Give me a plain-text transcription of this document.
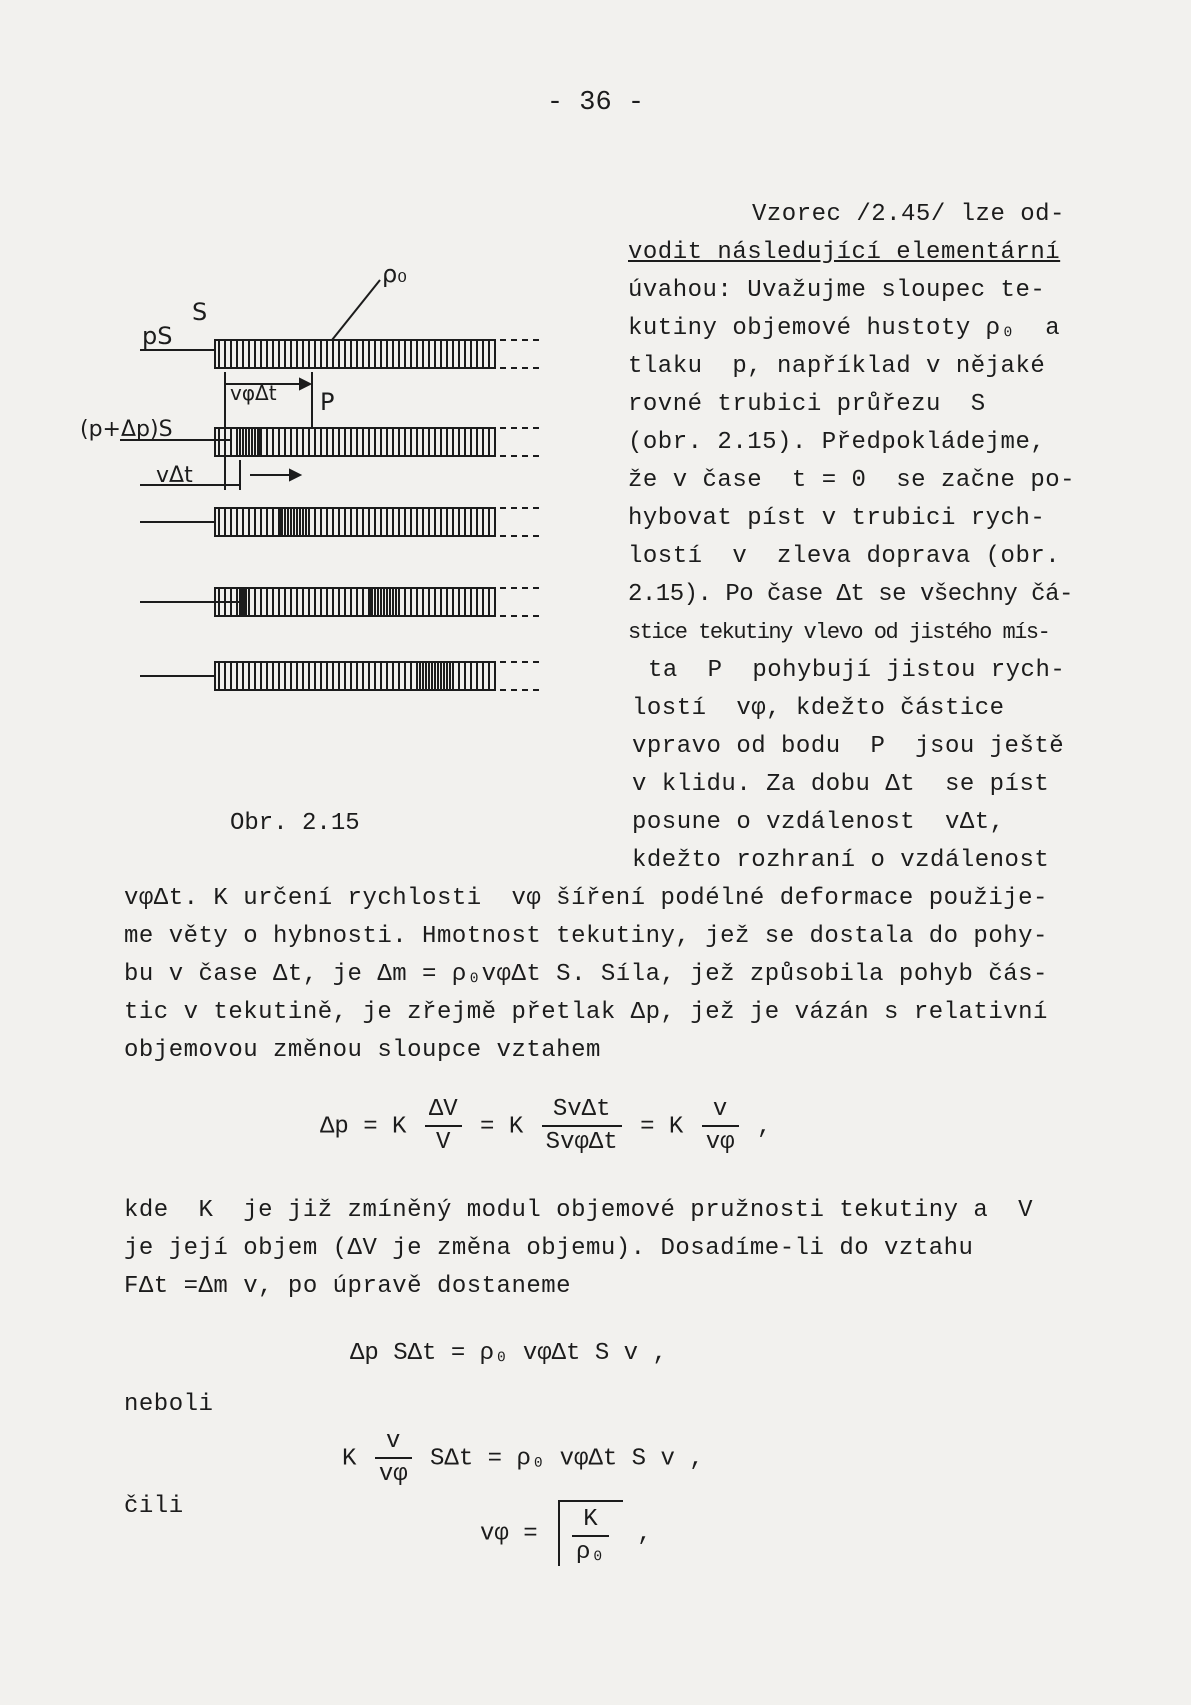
- 36 -
ρ₀
pS
S
vφΔt P
(p+Δp)S
vΔt
Obr. 2.15
Vzorec /2.45/ lze od-
vodit následující elementární
úvahou: Uvažujme sloupec te-
kutiny objemové hustoty ρ₀  a
tlaku  p, například v nějaké
rovné trubici průřezu  S
(obr. 2.15). Předpokládejme,
že v čase  t = 0  se začne po-
hybovat píst v trubici rych-
lostí  v  zleva doprava (obr.
2.15). Po čase Δt se všechny čá-
stice tekutiny vlevo od jistého mís-
ta  P  pohybují jistou rych-
lostí  vφ, kdežto částice
vpravo od bodu  P  jsou ještě
v klidu. Za dobu Δt  se píst
posune o vzdálenost  vΔt,
kdežto rozhraní o vzdálenost
vφΔt. K určení rychlosti  vφ šíření podélné deformace použije-
me věty o hybnosti. Hmotnost tekutiny, jež se dostala do pohy-
bu v čase Δt, je Δm = ρ₀vφΔt S. Síla, jež způsobila pohyb čás-
tic v tekutině, je zřejmě přetlak Δp, jež je vázán s relativní
objemovou změnou sloupce vztahem
Δp = K $\frac{\Delta V}{V} = K \frac{\text{SvΔt}}{\text{SvφΔt}} = K \frac{v}{v\varphi}$ ,
kde  K  je již zmíněný modul objemové pružnosti tekutiny a  V
je její objem (ΔV je změna objemu). Dosadíme-li do vztahu
FΔt =Δm v, po úpravě dostaneme
Δp SΔt = ρ₀ vφΔt S v ,
neboli
K $\frac{v}{v\varphi}$ SΔt = ρ₀ vφΔt S v ,
čili
$v\varphi = \frac{K}{\text{ρ₀}}$ ,
